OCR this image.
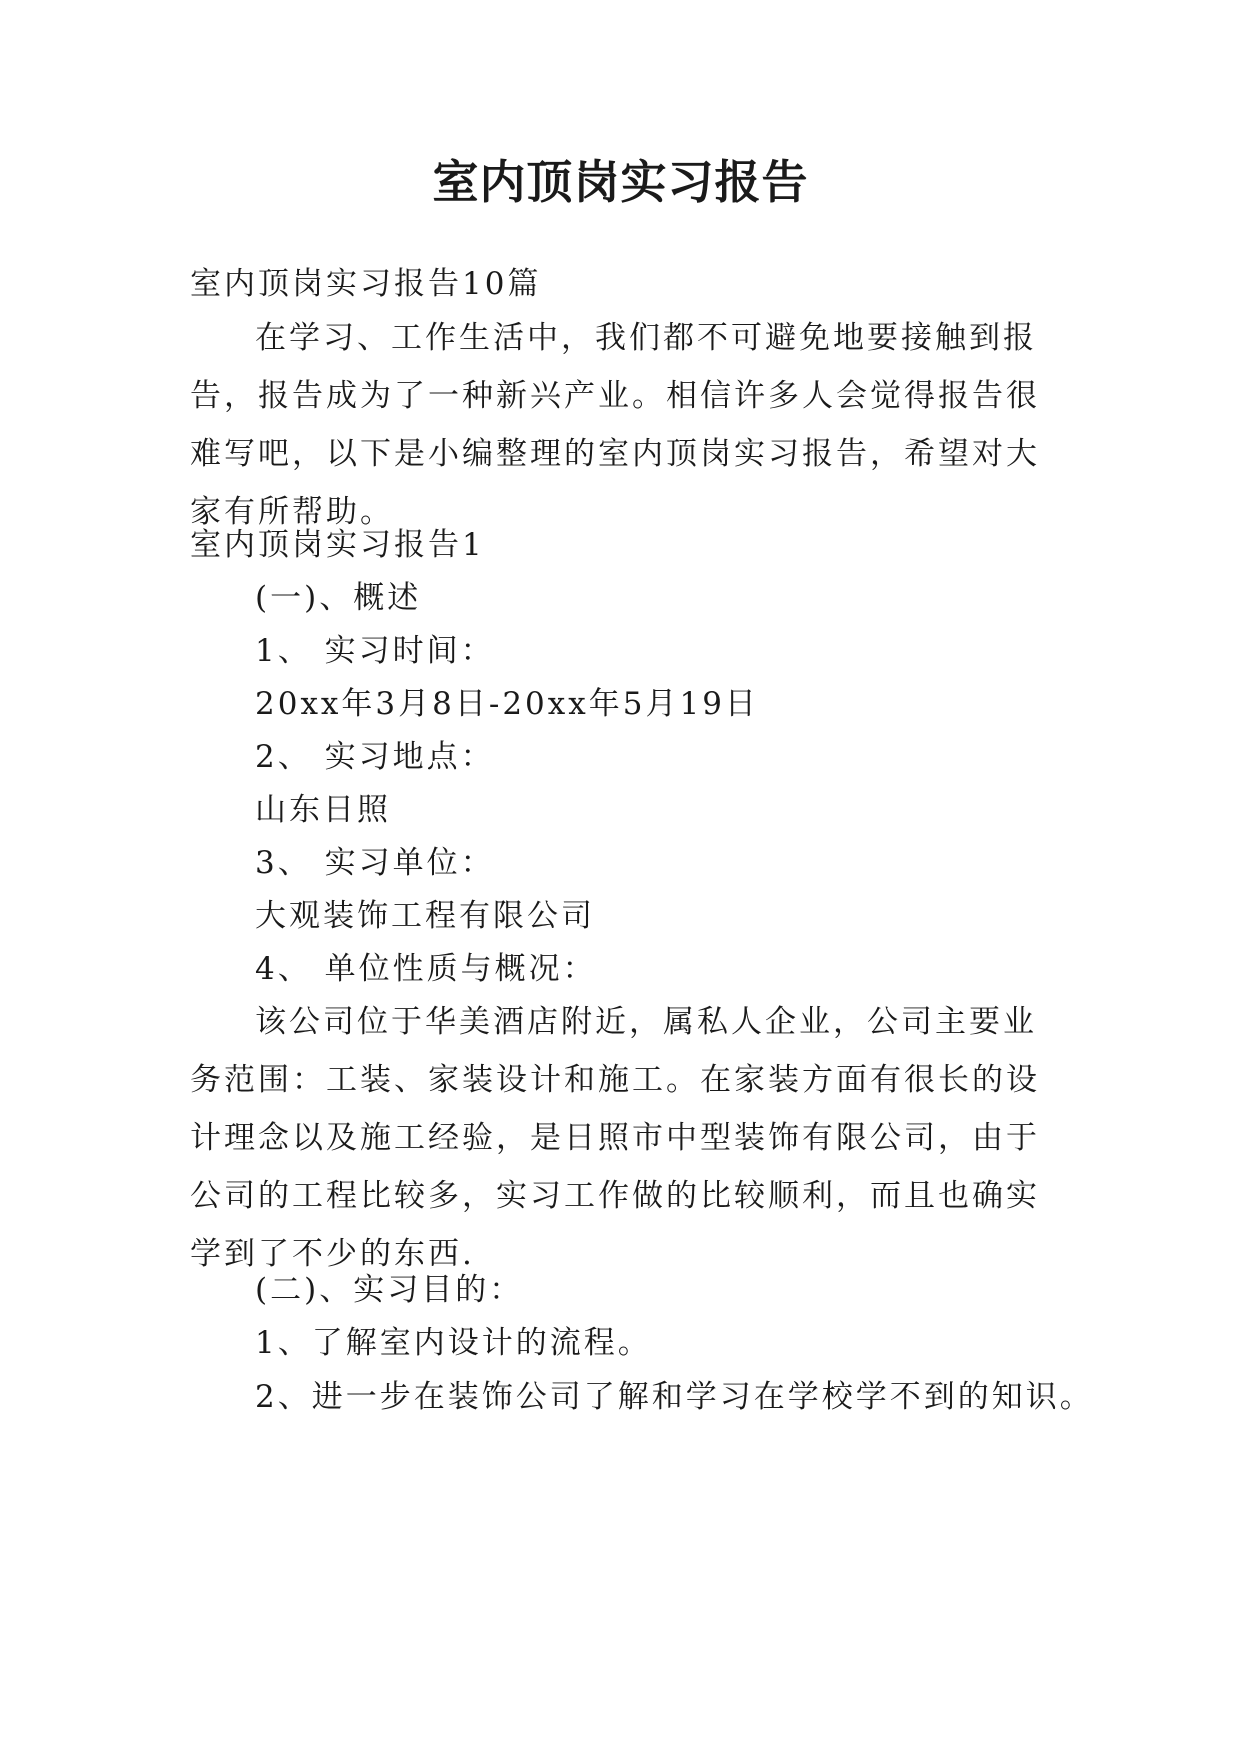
室内顶岗实习报告
室内顶岗实习报告10篇

在学习、工作生活中，我们都不可避免地要接触到报告，报告成为了一种新兴产业。相信许多人会觉得报告很难写吧，以下是小编整理的室内顶岗实习报告，希望对大家有所帮助。

室内顶岗实习报告1
(一)、概述
1、 实习时间：
20xx年3月8日-20xx年5月19日
2、 实习地点：
山东日照
3、 实习单位：
大观装饰工程有限公司
4、 单位性质与概况：

该公司位于华美酒店附近，属私人企业，公司主要业务范围：工装、家装设计和施工。在家装方面有很长的设计理念以及施工经验，是日照市中型装饰有限公司，由于公司的工程比较多，实习工作做的比较顺利，而且也确实学到了不少的东西.

(二)、实习目的：
1、了解室内设计的流程。
2、进一步在装饰公司了解和学习在学校学不到的知识。
